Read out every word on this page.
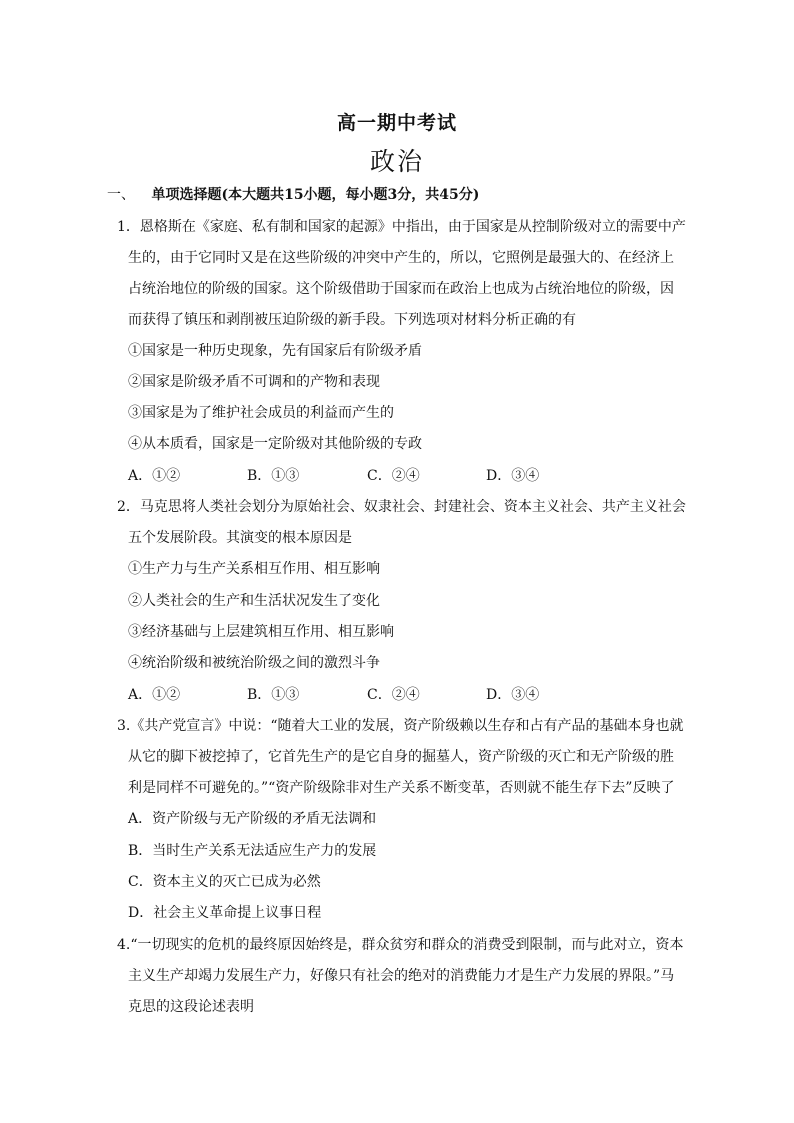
高一期中考试
政治
一、 单项选择题(本大题共15小题，每小题3分，共45分)
1．恩格斯在《家庭、私有制和国家的起源》中指出，由于国家是从控制阶级对立的需要中产
生的，由于它同时又是在这些阶级的冲突中产生的，所以，它照例是最强大的、在经济上
占统治地位的阶级的国家。这个阶级借助于国家而在政治上也成为占统治地位的阶级，因
而获得了镇压和剥削被压迫阶级的新手段。下列选项对材料分析正确的有
①国家是一种历史现象，先有国家后有阶级矛盾
②国家是阶级矛盾不可调和的产物和表现
③国家是为了维护社会成员的利益而产生的
④从本质看，国家是一定阶级对其他阶级的专政
A．①②	B．①③	C．②④	D．③④
2．马克思将人类社会划分为原始社会、奴隶社会、封建社会、资本主义社会、共产主义社会
五个发展阶段。其演变的根本原因是
①生产力与生产关系相互作用、相互影响
②人类社会的生产和生活状况发生了变化
③经济基础与上层建筑相互作用、相互影响
④统治阶级和被统治阶级之间的激烈斗争
A．①②	B．①③	C．②④	D．③④
3.《共产党宣言》中说：“随着大工业的发展，资产阶级赖以生存和占有产品的基础本身也就
从它的脚下被挖掉了，它首先生产的是它自身的掘墓人，资产阶级的灭亡和无产阶级的胜
利是同样不可避免的。”“资产阶级除非对生产关系不断变革，否则就不能生存下去”反映了
A．资产阶级与无产阶级的矛盾无法调和
B．当时生产关系无法适应生产力的发展
C．资本主义的灭亡已成为必然
D．社会主义革命提上议事日程
4.“一切现实的危机的最终原因始终是，群众贫穷和群众的消费受到限制，而与此对立，资本
主义生产却竭力发展生产力，好像只有社会的绝对的消费能力才是生产力发展的界限。”马
克思的这段论述表明
